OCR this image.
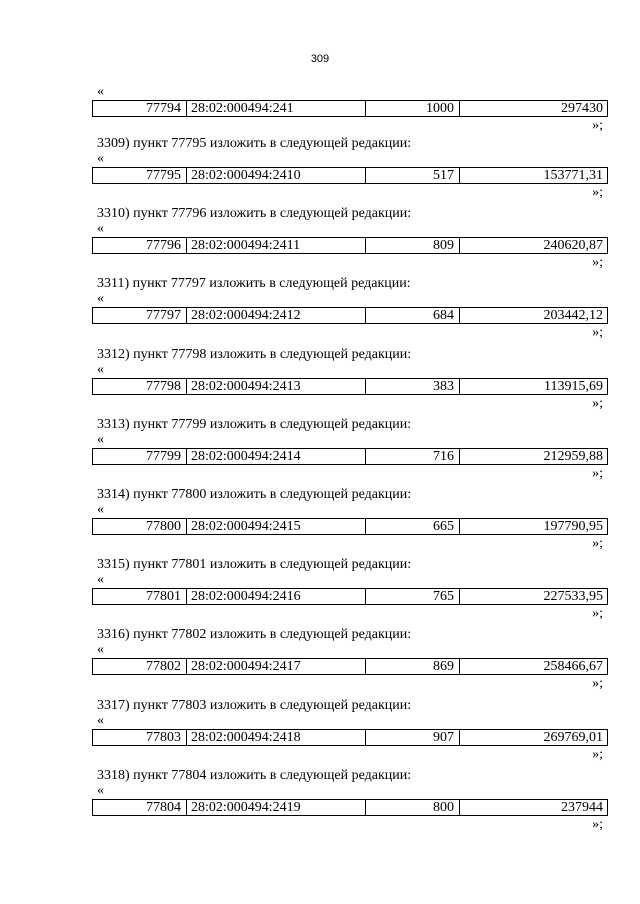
309
«
77794 28:02:000494:241	1000	297430
»;
3309) пункт 77795 изложить в следующей редакции:
«
77795 28:02:000494:2410	517	153771,31
»;
3310) пункт 77796 изложить в следующей редакции:
«
77796 28:02:000494:2411	809	240620,87
»;
3311) пункт 77797 изложить в следующей редакции:
«
77797 28:02:000494:2412	684	203442,12
»;
3312) пункт 77798 изложить в следующей редакции:
«
77798 28:02:000494:2413	383	113915,69
»;
3313) пункт 77799 изложить в следующей редакции:
«
77799 28:02:000494:2414	716	212959,88
»;
3314) пункт 77800 изложить в следующей редакции:
«
77800 28:02:000494:2415	665	197790,95
»;
3315) пункт 77801 изложить в следующей редакции:
«
77801 28:02:000494:2416	765	227533,95
»;
3316) пункт 77802 изложить в следующей редакции:
«
77802 28:02:000494:2417	869	258466,67
»;
3317) пункт 77803 изложить в следующей редакции:
«
77803 28:02:000494:2418	907	269769,01
»;
3318) пункт 77804 изложить в следующей редакции:
«
77804 28:02:000494:2419	800	237944
»;
